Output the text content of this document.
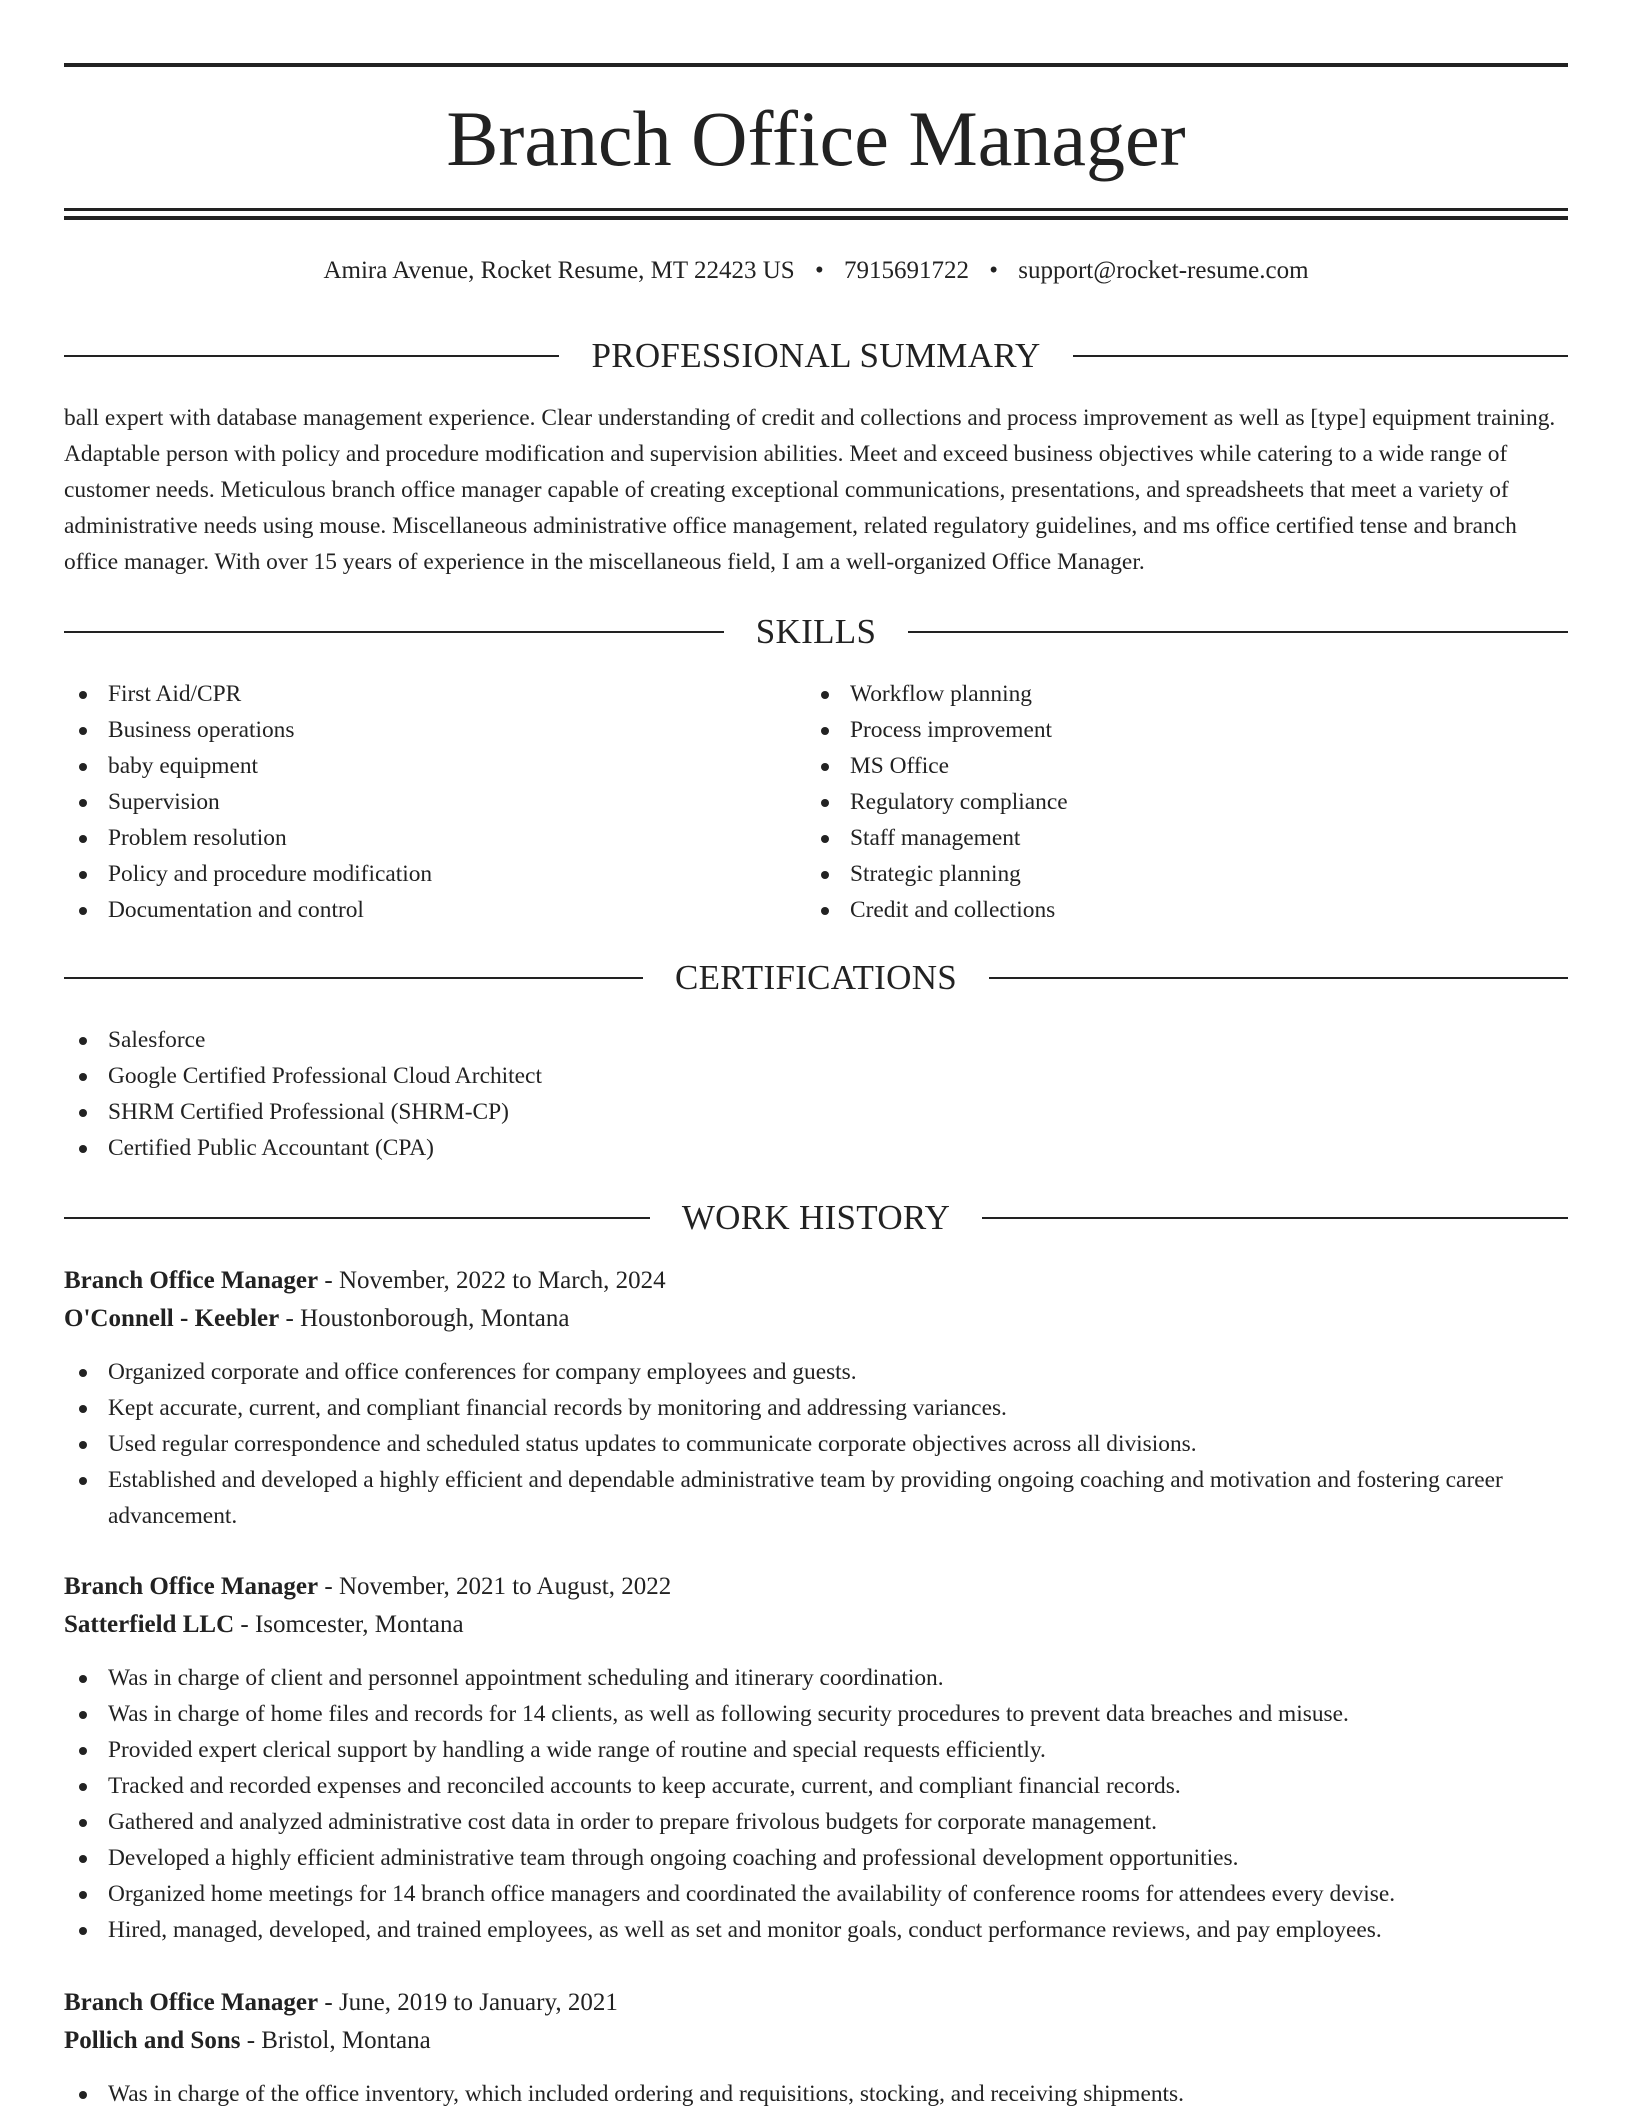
Branch Office Manager
Amira Avenue, Rocket Resume, MT 22423 US • 7915691722 • support@rocket-resume.com
PROFESSIONAL SUMMARY

ball expert with database management experience. Clear understanding of credit and collections and process improvement as well as [type] equipment training. Adaptable person with policy and procedure modification and supervision abilities. Meet and exceed business objectives while catering to a wide range of customer needs. Meticulous branch office manager capable of creating exceptional communications, presentations, and spreadsheets that meet a variety of administrative needs using mouse. Miscellaneous administrative office management, related regulatory guidelines, and ms office certified tense and branch office manager. With over 15 years of experience in the miscellaneous field, I am a well-organized Office Manager.

SKILLS
First Aid/CPR
Business operations
baby equipment
Supervision
Problem resolution
Policy and procedure modification
Documentation and control
Workflow planning
Process improvement
MS Office
Regulatory compliance
Staff management
Strategic planning
Credit and collections
CERTIFICATIONS
Salesforce
Google Certified Professional Cloud Architect
SHRM Certified Professional (SHRM-CP)
Certified Public Accountant (CPA)
WORK HISTORY
Branch Office Manager - November, 2022 to March, 2024
O'Connell - Keebler - Houstonborough, Montana
Organized corporate and office conferences for company employees and guests.
Kept accurate, current, and compliant financial records by monitoring and addressing variances.
Used regular correspondence and scheduled status updates to communicate corporate objectives across all divisions.
Established and developed a highly efficient and dependable administrative team by providing ongoing coaching and motivation and fostering career advancement.
Branch Office Manager - November, 2021 to August, 2022
Satterfield LLC - Isomcester, Montana
Was in charge of client and personnel appointment scheduling and itinerary coordination.
Was in charge of home files and records for 14 clients, as well as following security procedures to prevent data breaches and misuse.
Provided expert clerical support by handling a wide range of routine and special requests efficiently.
Tracked and recorded expenses and reconciled accounts to keep accurate, current, and compliant financial records.
Gathered and analyzed administrative cost data in order to prepare frivolous budgets for corporate management.
Developed a highly efficient administrative team through ongoing coaching and professional development opportunities.
Organized home meetings for 14 branch office managers and coordinated the availability of conference rooms for attendees every devise.
Hired, managed, developed, and trained employees, as well as set and monitor goals, conduct performance reviews, and pay employees.
Branch Office Manager - June, 2019 to January, 2021
Pollich and Sons - Bristol, Montana
Was in charge of the office inventory, which included ordering and requisitions, stocking, and receiving shipments.
